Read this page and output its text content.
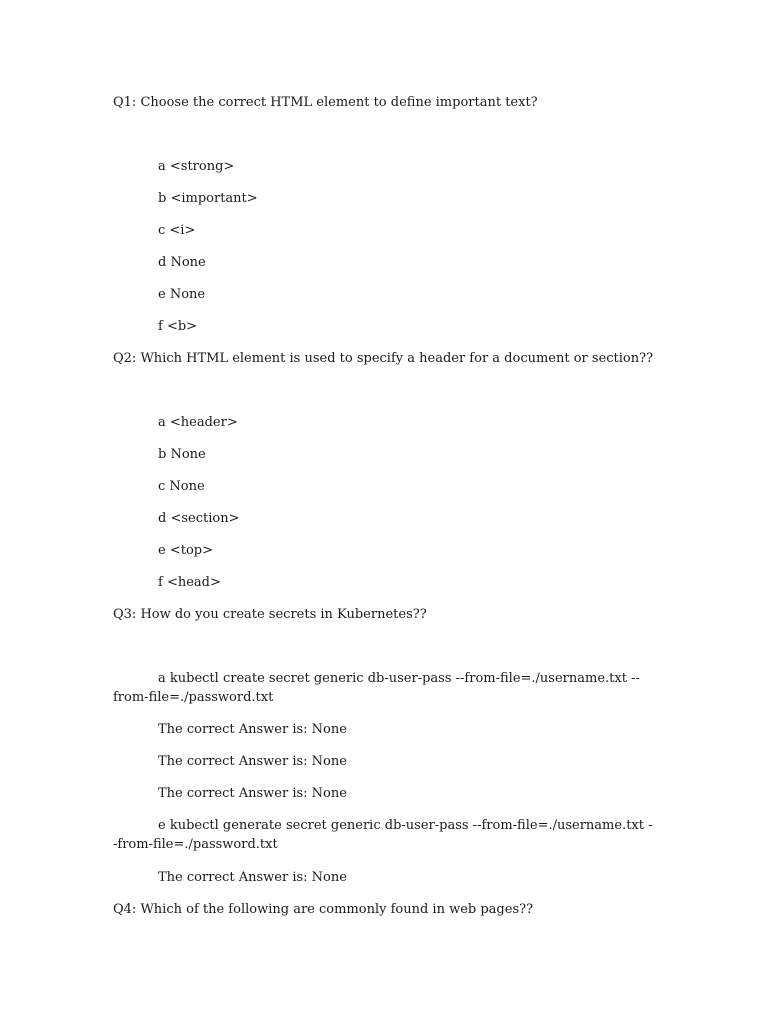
Q1: Choose the correct HTML element to define important text?

a <strong>

b <important>

c <i>

d None

e None

f <b>

Q2: Which HTML element is used to specify a header for a document or section??

a <header>

b None

c None

d <section>

e <top>

f <head>

Q3: How do you create secrets in Kubernetes??

a kubectl create secret generic db-user-pass --from-file=./username.txt --from-file=./password.txt

The correct Answer is: None

The correct Answer is: None

The correct Answer is: None

e kubectl generate secret generic db-user-pass --from-file=./username.txt --from-file=./password.txt

The correct Answer is: None

Q4: Which of the following are commonly found in web pages??
